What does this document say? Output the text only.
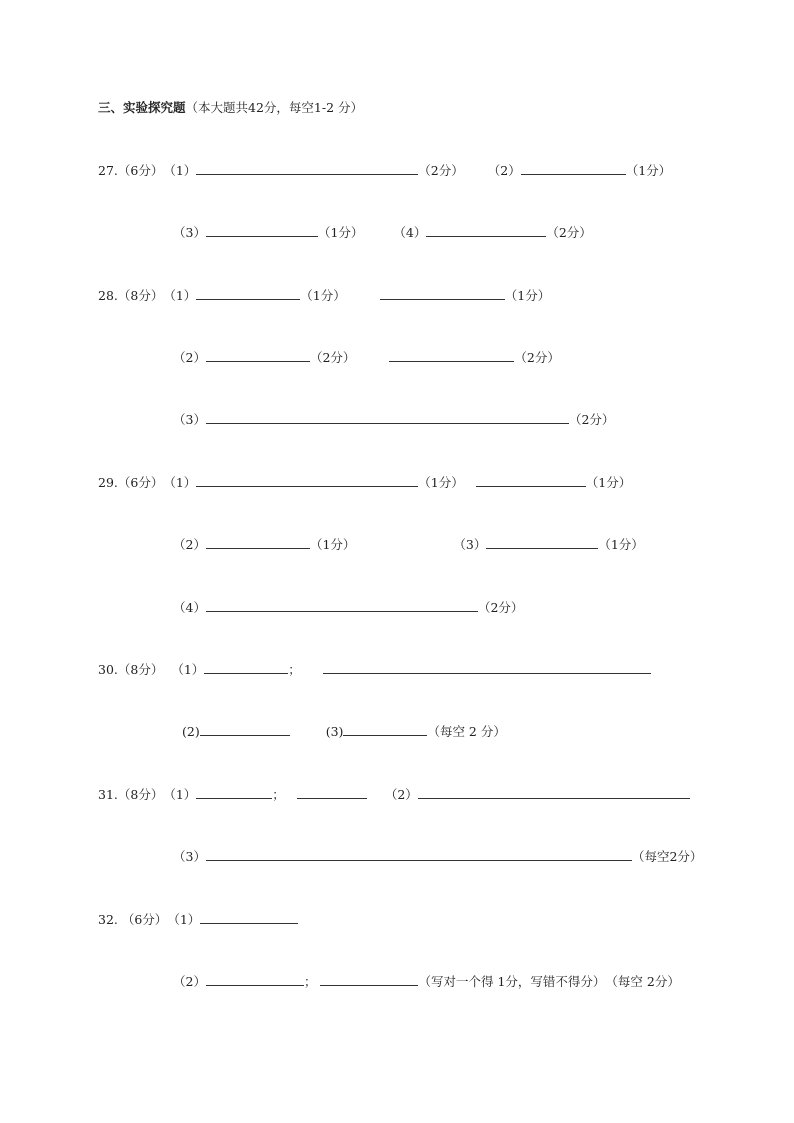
三、实验探究题（本大题共42分，每空1-2 分）
27.（6分）（1）	（2分） （2）	（1分）
（3）	（1分） （4）	（2分）
28.（8分）（1）	（1分）	（1分）
（2）	（2分）	（2分）
（3）	（2分）
29.（6分）（1）	（1分）	（1分）
（2）	（1分）	（3）	（1分）
（4）	（2分）
30.（8分） （1）	；
(2)	(3)	（每空 2 分）
31.（8分）（1）	；	（2）
（3）	（每空2分）
32. （6分）（1）
（2）	；	（写对一个得 1分，写错不得分）（每空 2分）
